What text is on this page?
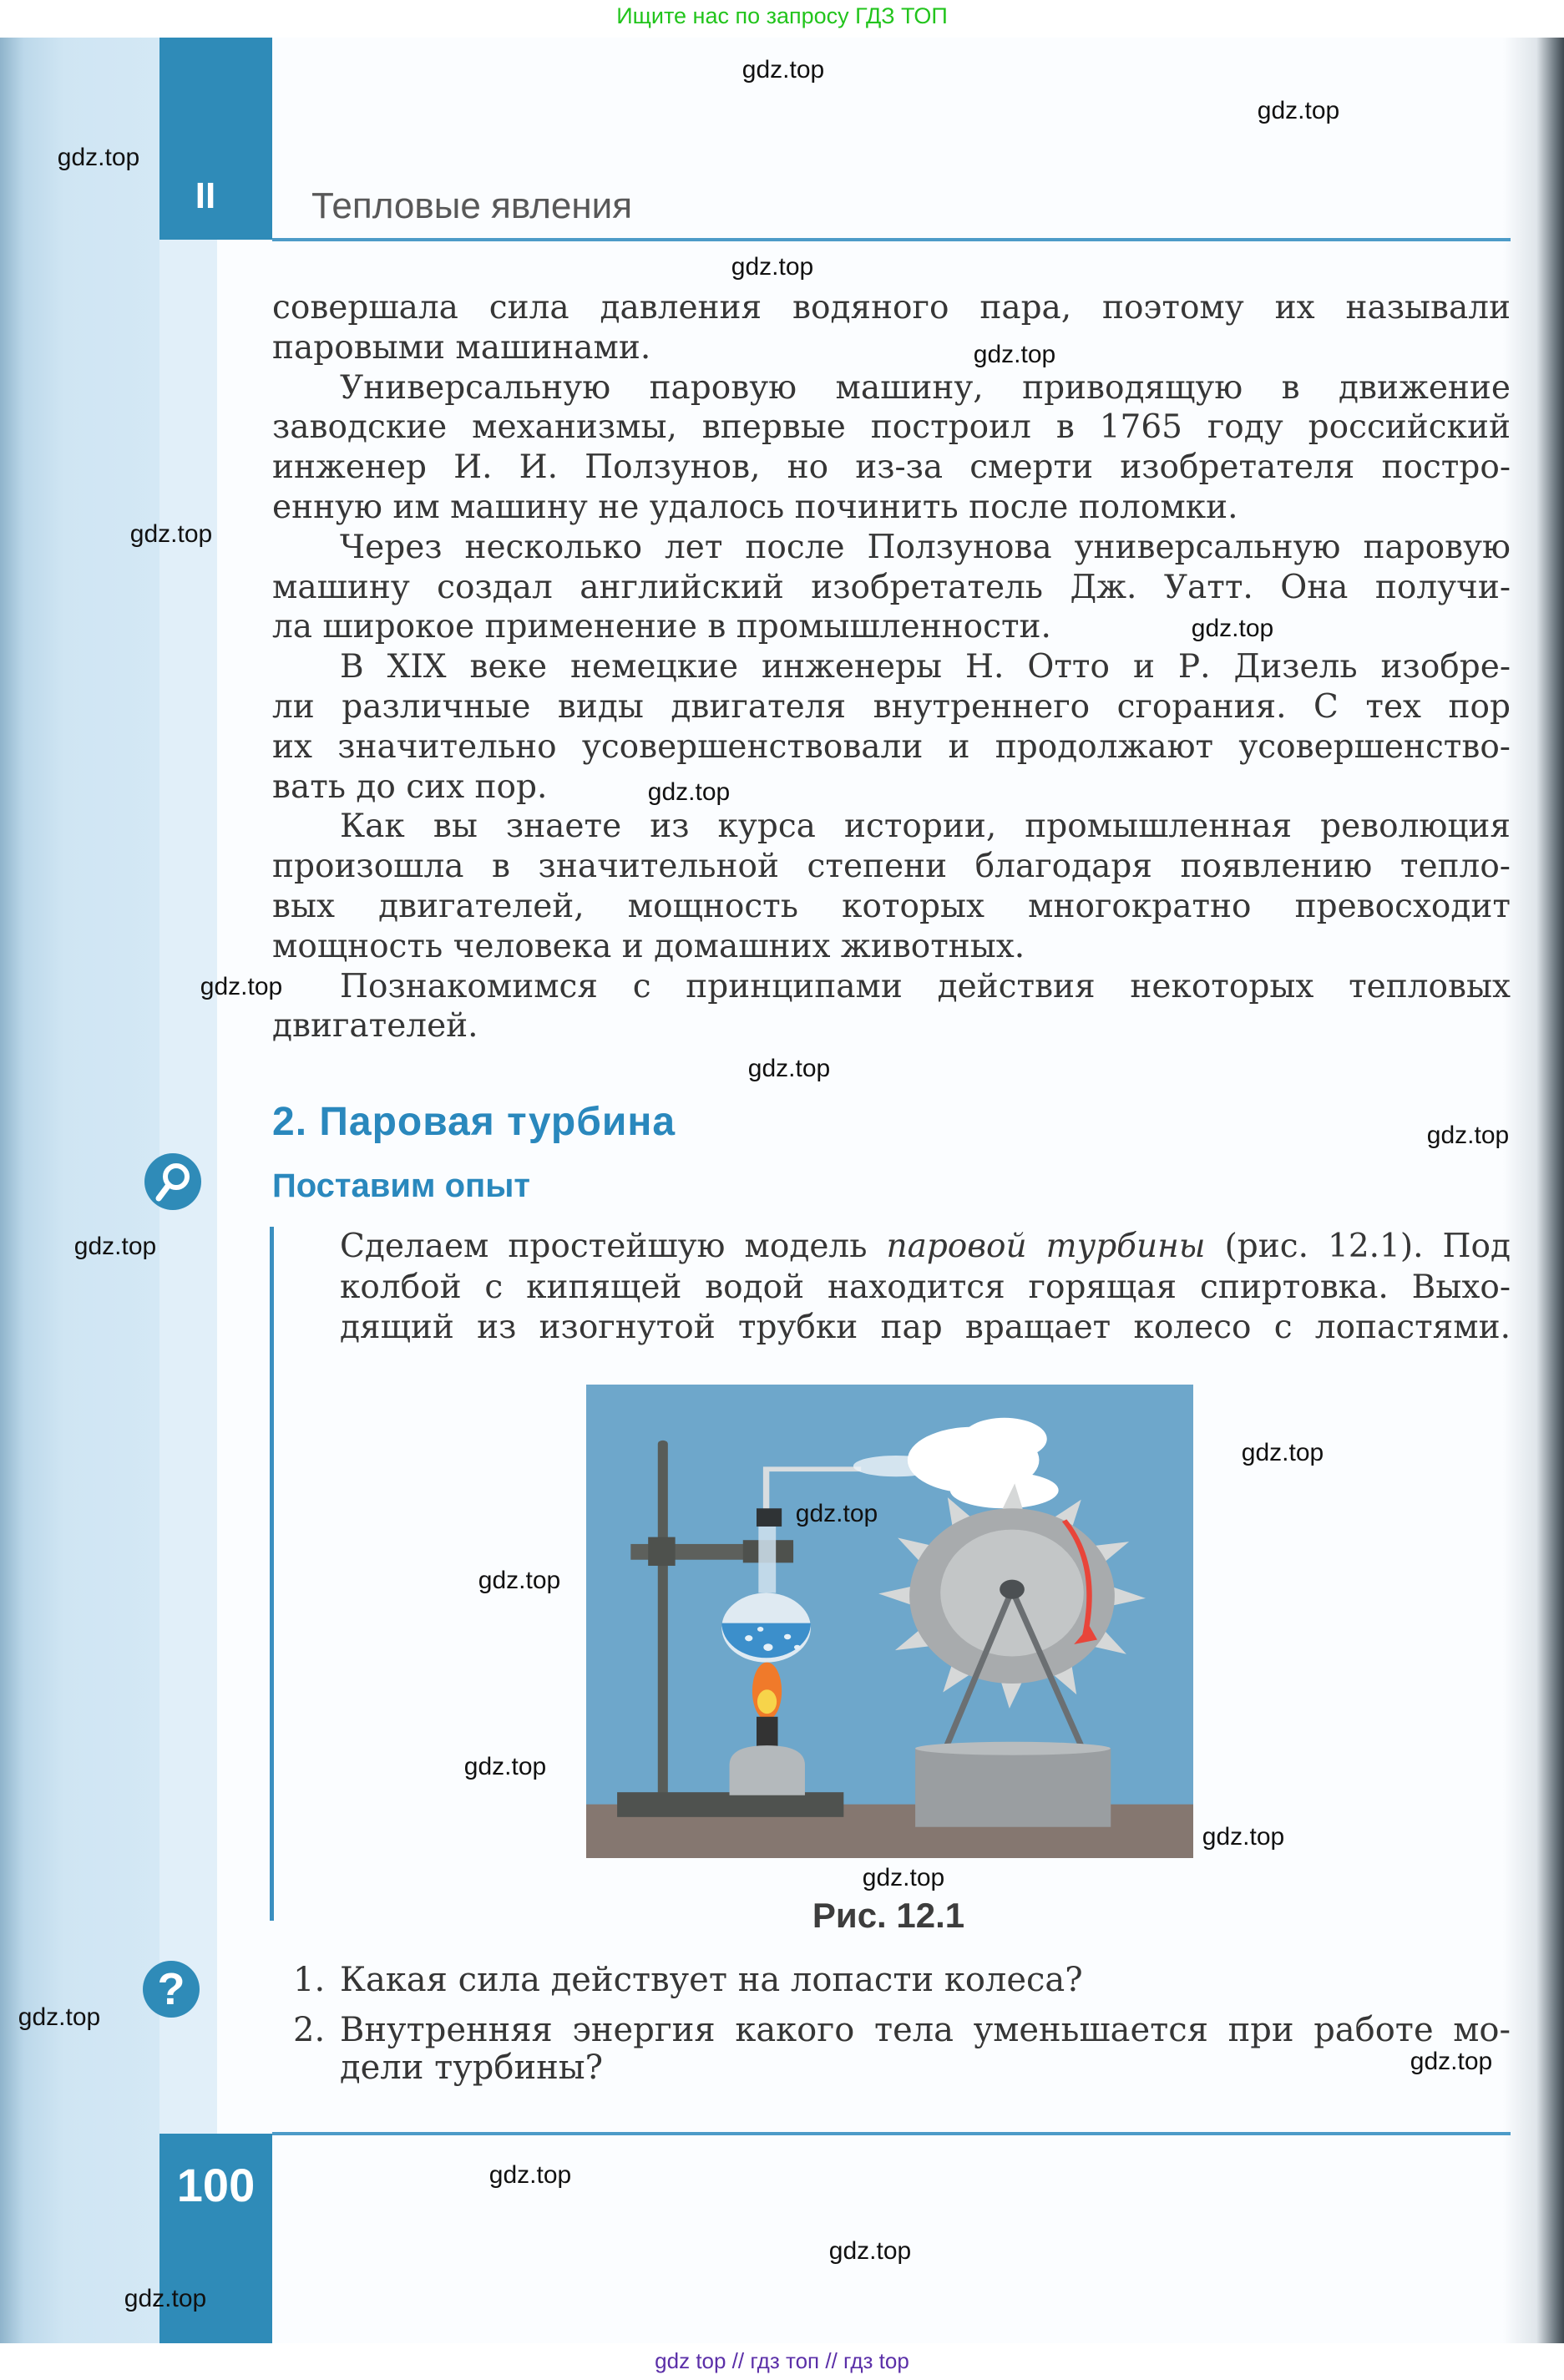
Ищите нас по запросу ГДЗ ТОП
II	Тепловые явления
совершала сила давления водяного пара, поэтому их называли
паровыми машинами.
Универсальную паровую машину, приводящую в движение
заводские механизмы, впервые построил в 1765 году российский
инженер И. И. Ползунов, но из-за смерти изобретателя постро-
енную им машину не удалось починить после поломки.
Через несколько лет после Ползунова универсальную паровую
машину создал английский изобретатель Дж. Уатт. Она получи-
ла широкое применение в промышленности.
В XIX веке немецкие инженеры Н. Отто и Р. Дизель изобре-
ли различные виды двигателя внутреннего сгорания. С тех пор
их значительно усовершенствовали и продолжают усовершенство-
вать до сих пор.
Как вы знаете из курса истории, промышленная революция
произошла в значительной степени благодаря появлению тепло-
вых двигателей, мощность которых многократно превосходит
мощность человека и домашних животных.
Познакомимся с принципами действия некоторых тепловых
двигателей.
2. Паровая турбина
Поставим опыт
Сделаем простейшую модель паровой турбины (рис. 12.1). Под
колбой с кипящей водой находится горящая спиртовка. Выхо-
дящий из изогнутой трубки пар вращает колесо с лопастями.
Рис. 12.1
?	1. Какая сила действует на лопасти колеса?
2. Внутренняя энергия какого тела уменьшается при работе мо-
дели турбины?
100
gdz.top
gdz.top
gdz.top
gdz.top
gdz.top
gdz.top
gdz.top
gdz.top
gdz.top
gdz.top
gdz.top
gdz.top
gdz.top
gdz.top
gdz.top
gdz.top
gdz.top
gdz.top
gdz.top
gdz.top
gdz.top
gdz.top
gdz.top
gdz top // гдз топ // гдз top
